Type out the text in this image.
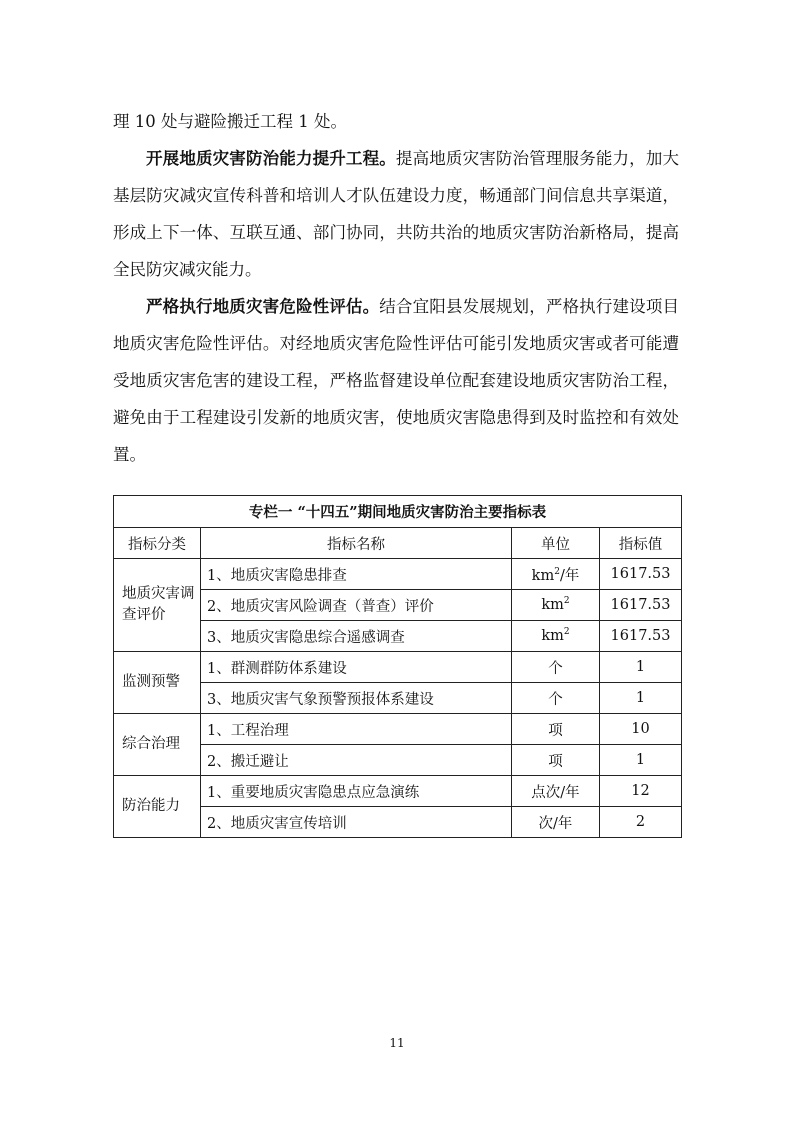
理 10 处与避险搬迁工程 1 处。

开展地质灾害防治能力提升工程。提高地质灾害防治管理服务能力，加大基层防灾减灾宣传科普和培训人才队伍建设力度，畅通部门间信息共享渠道，形成上下一体、互联互通、部门协同，共防共治的地质灾害防治新格局，提高全民防灾减灾能力。

严格执行地质灾害危险性评估。结合宜阳县发展规划，严格执行建设项目地质灾害危险性评估。对经地质灾害危险性评估可能引发地质灾害或者可能遭受地质灾害危害的建设工程，严格监督建设单位配套建设地质灾害防治工程，避免由于工程建设引发新的地质灾害，使地质灾害隐患得到及时监控和有效处置。

专栏一 “十四五”期间地质灾害防治主要指标表			
指标分类	指标名称	单位	指标值
地质灾害调查评价	1、地质灾害隐患排查	$km^2/$年	1617.53
	2、地质灾害风险调查（普查）评价	$km^2$	1617.53
	3、地质灾害隐患综合遥感调查	$km^2$	1617.53
监测预警	1、群测群防体系建设	个	1
	3、地质灾害气象预警预报体系建设	个	1
综合治理	1、工程治理	项	10
	2、搬迁避让	项	1
防治能力	1、重要地质灾害隐患点应急演练	点次/年	12
	2、地质灾害宣传培训	次/年	2
11
